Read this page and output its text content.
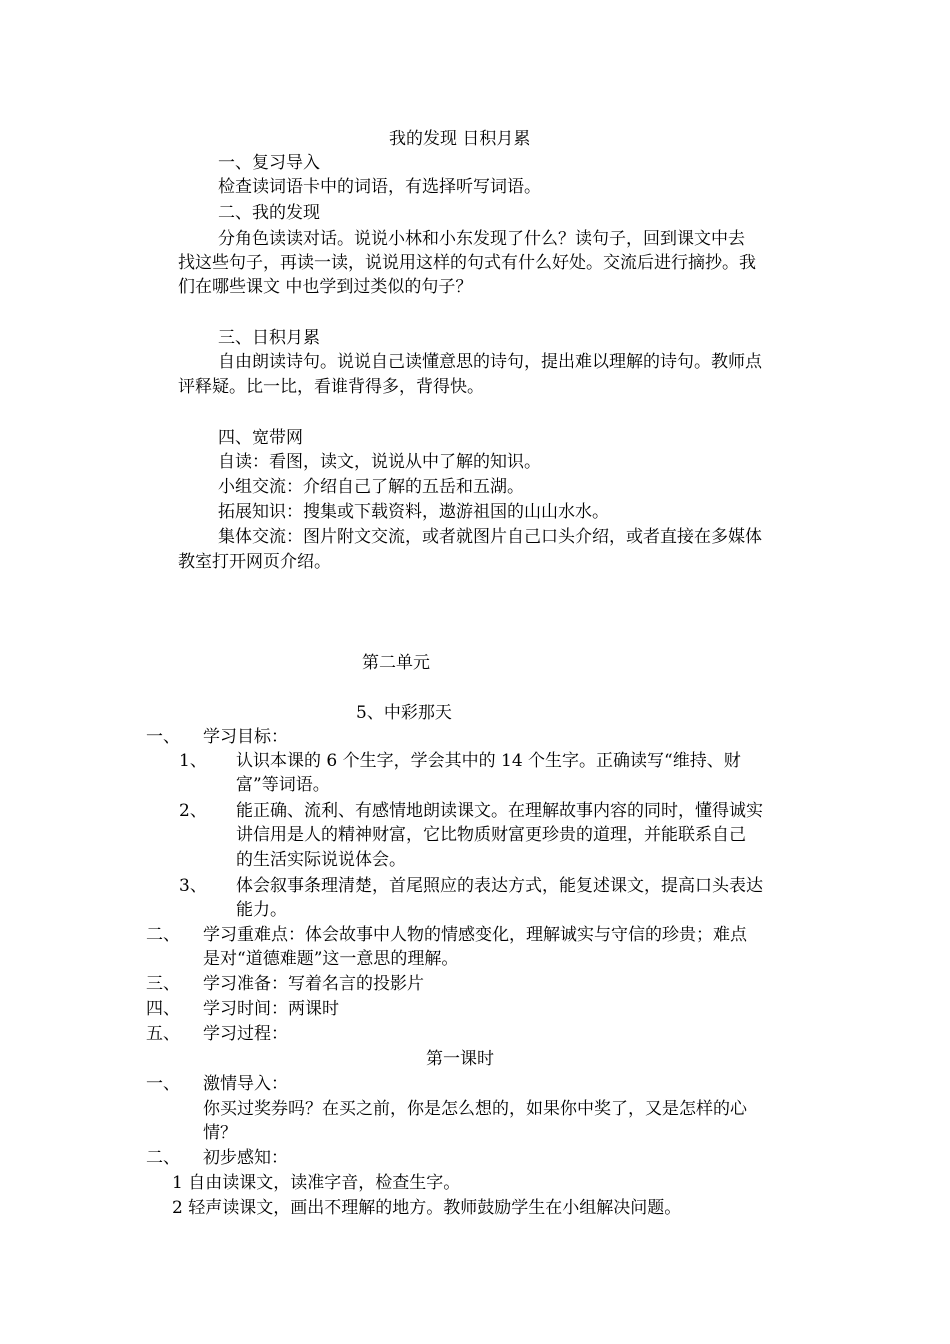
我的发现 日积月累
一、复习导入
检查读词语卡中的词语，有选择听写词语。
二、我的发现
分角色读读对话。说说小林和小东发现了什么？读句子，回到课文中去
找这些句子，再读一读，说说用这样的句式有什么好处。交流后进行摘抄。我
们在哪些课文 中也学到过类似的句子？
三、日积月累
自由朗读诗句。说说自己读懂意思的诗句，提出难以理解的诗句。教师点
评释疑。比一比，看谁背得多，背得快。
四、宽带网
自读：看图，读文，说说从中了解的知识。
小组交流：介绍自己了解的五岳和五湖。
拓展知识：搜集或下载资料，遨游祖国的山山水水。
集体交流：图片附文交流，或者就图片自己口头介绍，或者直接在多媒体
教室打开网页介绍。
第二单元
5、中彩那天
一、 学习目标：
1、 认识本课的 6 个生字，学会其中的 14 个生字。正确读写“维持、财
富”等词语。
2、 能正确、流利、有感情地朗读课文。在理解故事内容的同时，懂得诚实
讲信用是人的精神财富，它比物质财富更珍贵的道理，并能联系自己
的生活实际说说体会。
3、 体会叙事条理清楚，首尾照应的表达方式，能复述课文，提高口头表达
能力。
二、 学习重难点：体会故事中人物的情感变化，理解诚实与守信的珍贵；难点
是对“道德难题”这一意思的理解。
三、 学习准备：写着名言的投影片
四、 学习时间：两课时
五、 学习过程：
第一课时
一、 激情导入：
你买过奖券吗？在买之前，你是怎么想的，如果你中奖了，又是怎样的心
情？
二、 初步感知：
1 自由读课文，读准字音，检查生字。
2 轻声读课文，画出不理解的地方。教师鼓励学生在小组解决问题。
